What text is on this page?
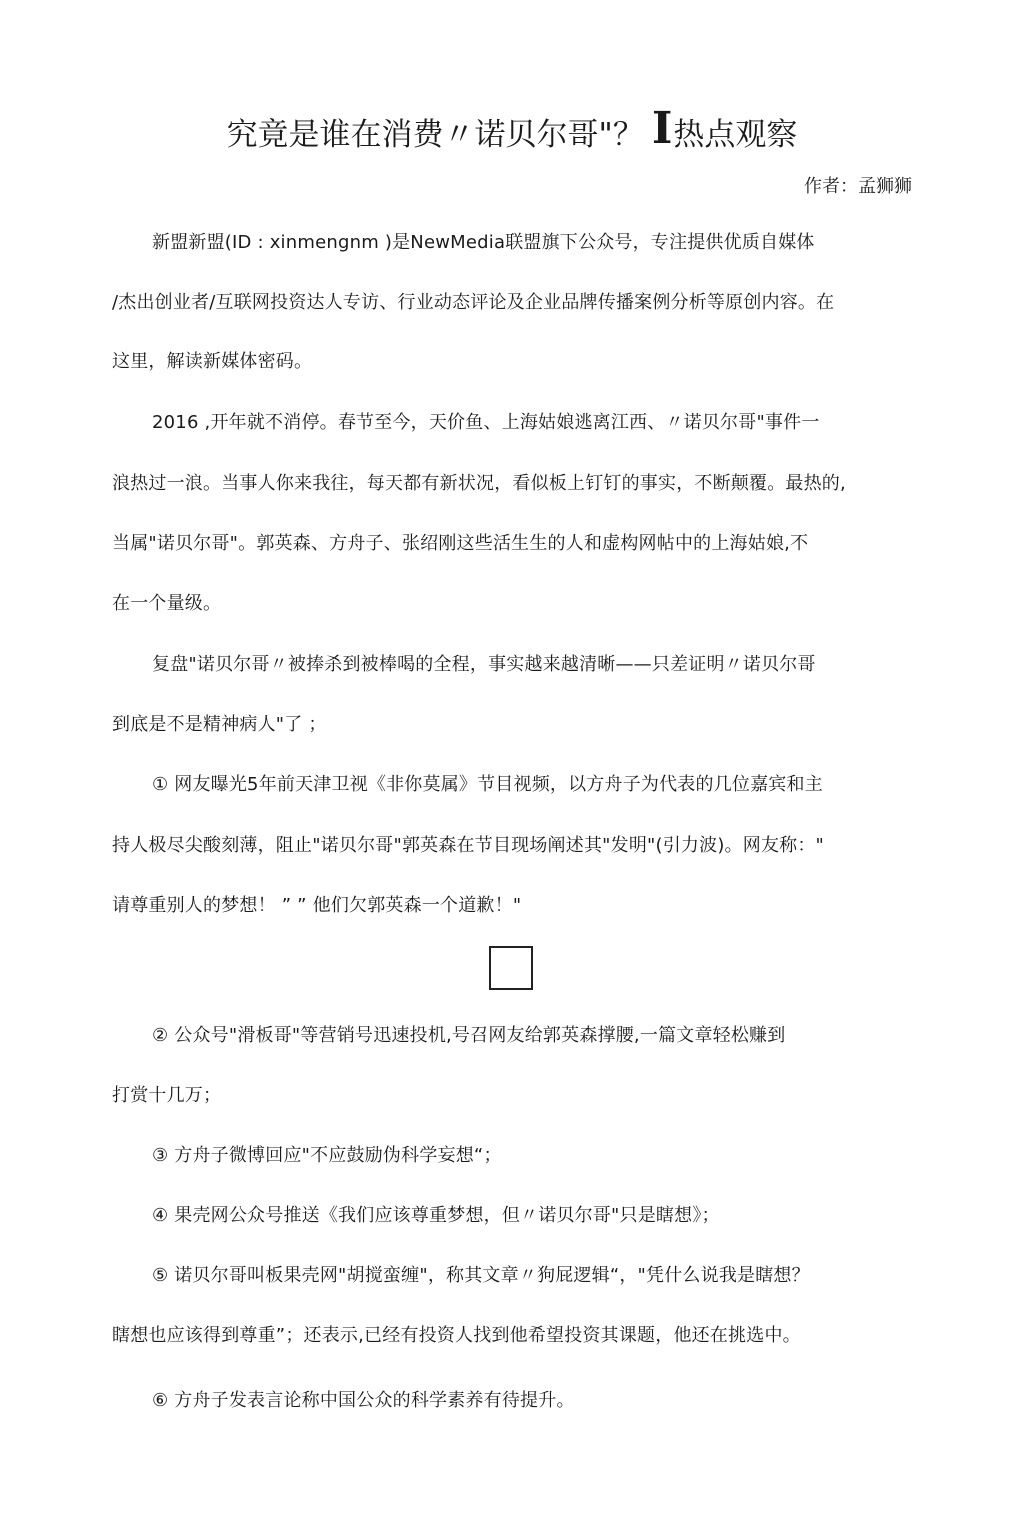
究竟是谁在消费〃诺贝尔哥"？ I热点观察
作者：孟狮狮
新盟新盟(ID : xinmengnm )是NewMedia联盟旗下公众号，专注提供优质自媒体
/杰出创业者/互联网投资达人专访、行业动态评论及企业品牌传播案例分析等原创内容。在
这里，解读新媒体密码。
2016 ,开年就不消停。春节至今，天价鱼、上海姑娘逃离江西、〃诺贝尔哥"事件一
浪热过一浪。当事人你来我往，每天都有新状况，看似板上钉钉的事实，不断颠覆。最热的,
当属"诺贝尔哥"。郭英森、方舟子、张绍刚这些活生生的人和虚构网帖中的上海姑娘,不
在一个量级。
复盘"诺贝尔哥〃被捧杀到被棒喝的全程，事实越来越清晰——只差证明〃诺贝尔哥
到底是不是精神病人"了 ；
① 网友曝光5年前天津卫视《非你莫属》节目视频，以方舟子为代表的几位嘉宾和主
持人极尽尖酸刻薄，阻止"诺贝尔哥"郭英森在节目现场阐述其"发明"(引力波)。网友称："
请尊重别人的梦想！ ” ” 他们欠郭英森一个道歉！"
② 公众号"滑板哥"等营销号迅速投机,号召网友给郭英森撑腰,一篇文章轻松赚到
打赏十几万；
③ 方舟子微博回应"不应鼓励伪科学妄想“；
④ 果壳网公众号推送《我们应该尊重梦想，但〃诺贝尔哥"只是瞎想》；
⑤ 诺贝尔哥叫板果壳网"胡搅蛮缠"，称其文章〃狗屁逻辑“，"凭什么说我是瞎想？
瞎想也应该得到尊重”；还表示,已经有投资人找到他希望投资其课题，他还在挑选中。
⑥ 方舟子发表言论称中国公众的科学素养有待提升。
